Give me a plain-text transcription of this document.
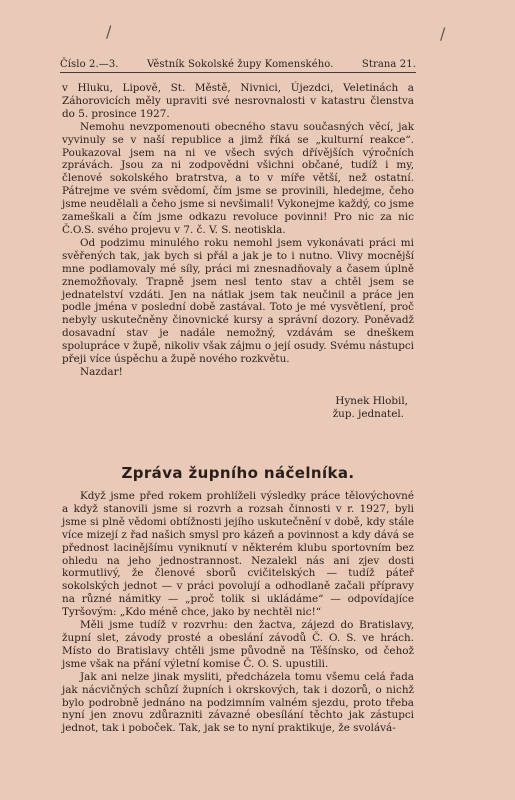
/	/
Číslo 2.—3.	Věstník Sokolské župy Komenského.	Strana 21.

v Hluku, Lipově, St. Městě, Nivnici, Újezdci, Veletinách a Záhorovicích měly upraviti své nesrovnalosti v katastru členstva do 5. prosince 1927.

Nemohu nevzpomenouti obecného stavu současných věcí, jak vyvinuly se v naší republice a jimž říká se „kulturní reakce“. Poukazoval jsem na ni ve všech svých dřívějších výročních zprávách. Jsou za ni zodpovědni všichni občané, tudíž i my, členové sokolského bratrstva, a to v míře větší, než ostatní. Pátrejme ve svém svědomí, čím jsme se provinili, hledejme, čeho jsme neudělali a čeho jsme si nevšimali! Vykonejme každý, co jsme zameškali a čím jsme odkazu revoluce povinni! Pro nic za nic Č.O.S. svého projevu v 7. č. V. S. neotiskla.

Od podzimu minulého roku nemohl jsem vykonávati práci mi svěřených tak, jak bych si přál a jak je to i nutno. Vlivy mocnější mne podlamovaly mé síly, práci mi znesnadňovaly a časem úplně znemožňovaly. Trapně jsem nesl tento stav a chtěl jsem se jednatelství vzdáti. Jen na nátlak jsem tak neučinil a práce jen podle jména v poslední době zastával. Toto je mé vysvětlení, proč nebyly uskutečněny činovnické kursy a správní dozory. Poněvadž dosavadní stav je nadále nemožný, vzdávám se dneškem spolupráce v župě, nikoliv však zájmu o její osudy. Svému nástupci přeji více úspěchu a župě nového rozkvětu.

Nazdar!

Hynek Hlobil,
žup. jednatel.
Zpráva župního náčelníka.

Když jsme před rokem prohlíželi výsledky práce tělovýchovné a když stanovili jsme si rozvrh a rozsah činnosti v r. 1927, byli jsme si plně vědomi obtížnosti jejího uskutečnění v době, kdy stále více mizejí z řad našich smysl pro kázeň a povinnost a kdy dává se přednost lacinějšímu vyniknutí v některém klubu sportovním bez ohledu na jeho jednostrannost. Nezalekl nás ani zjev dosti kormutlivý, že členové sborů cvičitelských — tudíž páteř sokolských jednot — v práci povolují a odhodlaně začali přípravy na různé námitky — „proč tolik si ukládáme“ — odpovídajíce Tyršovým: „Kdo méně chce, jako by nechtěl nic!“

Měli jsme tudíž v rozvrhu: den žactva, zájezd do Bratislavy, župní slet, závody prosté a obeslání závodů Č. O. S. ve hrách. Místo do Bratislavy chtěli jsme původně na Těšínsko, od čehož jsme však na přání výletní komise Č. O. S. upustili.

Jak ani nelze jinak mysliti, předcházela tomu všemu celá řada jak nácvičných schůzí župních i okrskových, tak i dozorů, o nichž bylo podrobně jednáno na podzimním valném sjezdu, proto třeba nyní jen znovu zdůrazniti závazné obesílání těchto jak zástupci jednot, tak i poboček. Tak, jak se to nyní praktikuje, že svolává-
